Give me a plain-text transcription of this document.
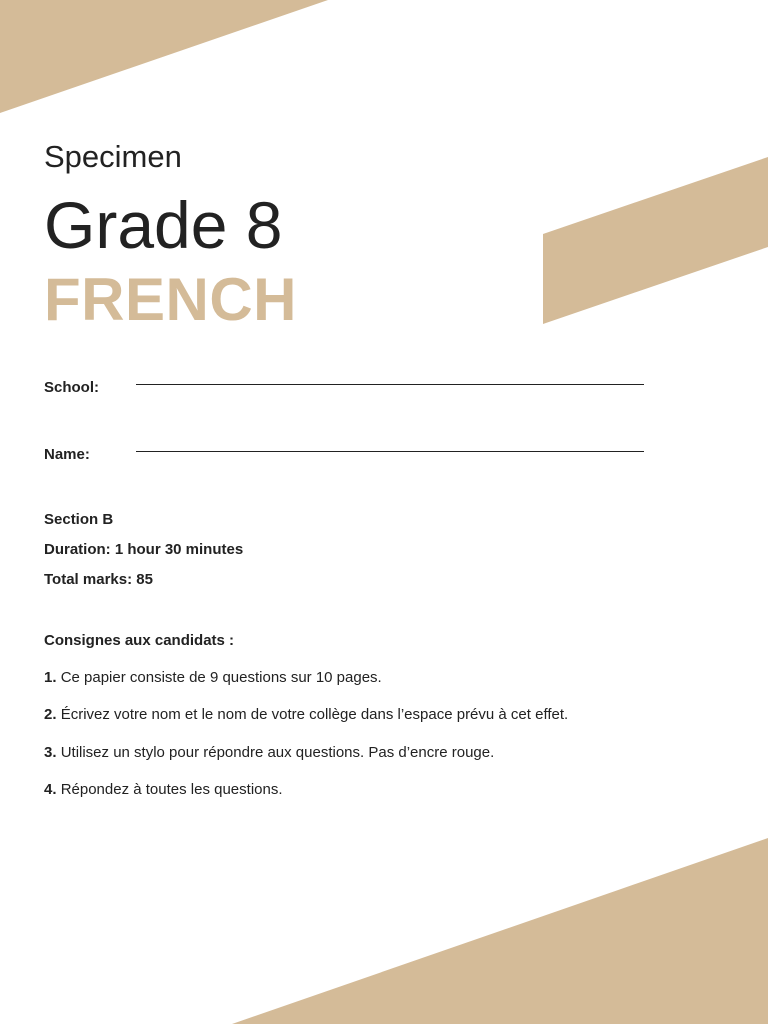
Specimen
Grade 8
FRENCH
School:
Name:
Section B
Duration: 1 hour 30 minutes
Total marks: 85
Consignes aux candidats :
1. Ce papier consiste de 9 questions sur 10 pages.
2. Écrivez votre nom et le nom de votre collège dans l’espace prévu à cet effet.
3. Utilisez un stylo pour répondre aux questions. Pas d’encre rouge.
4. Répondez à toutes les questions.
